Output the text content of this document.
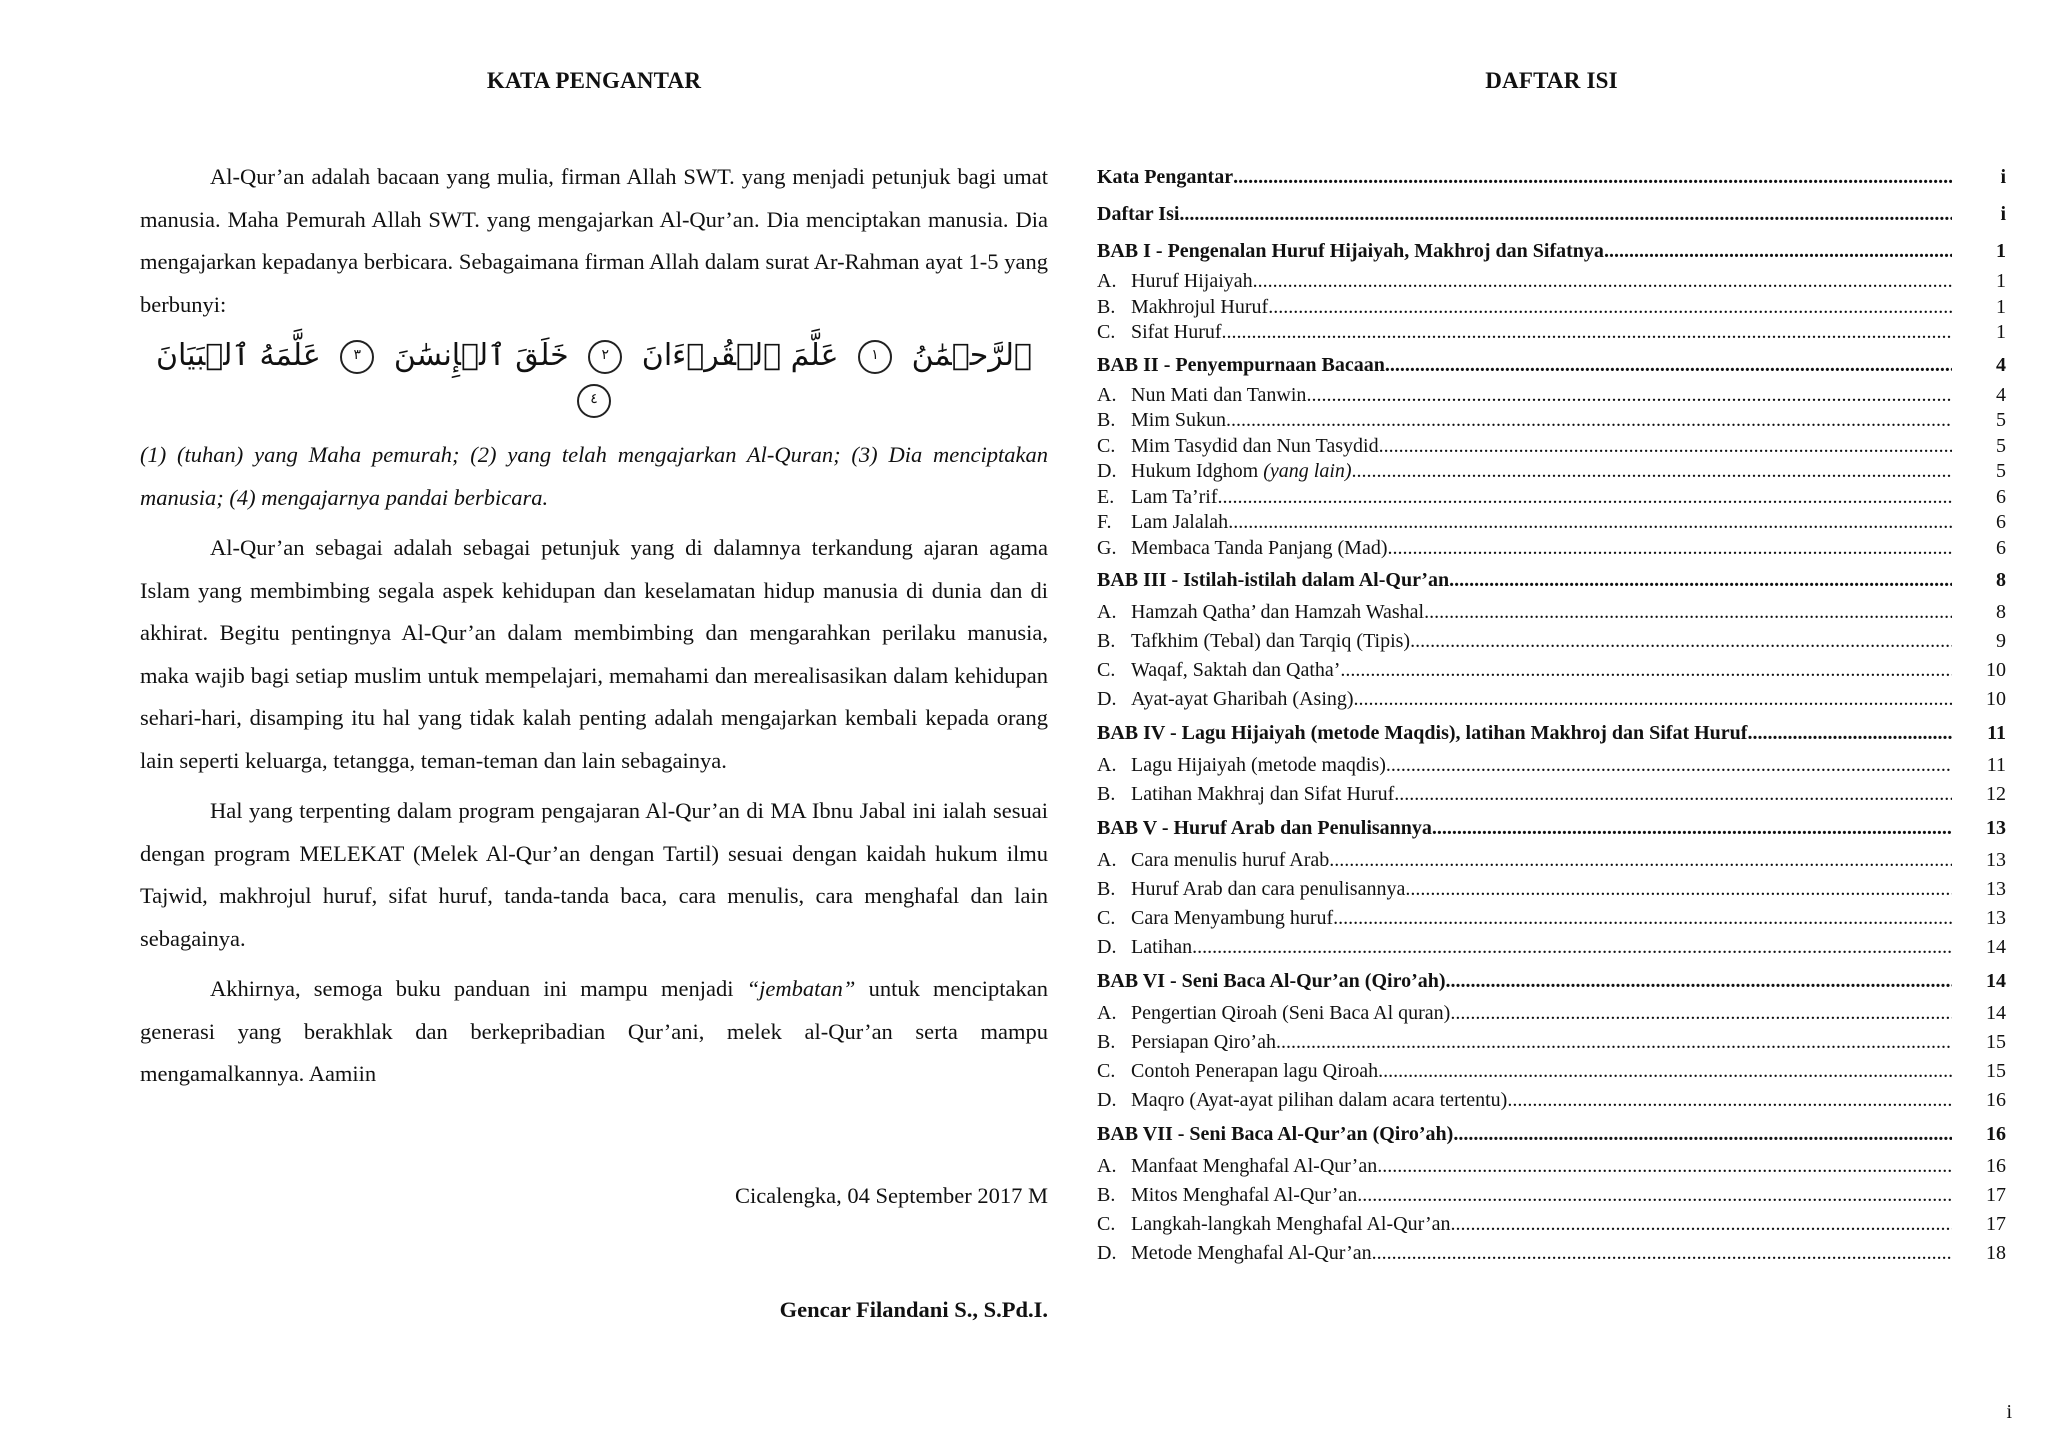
KATA PENGANTAR

Al-Qur’an adalah bacaan yang mulia, firman Allah SWT. yang menjadi petunjuk bagi umat manusia. Maha Pemurah Allah SWT. yang mengajarkan Al-Qur’an. Dia menciptakan manusia. Dia mengajarkan kepadanya berbicara. Sebagaimana firman Allah dalam surat Ar-Rahman ayat 1-5 yang berbunyi:

ٱلرَّحۡمَٰنُ ١ عَلَّمَ ٱلۡقُرۡءَانَ ٢ خَلَقَ ٱلۡإِنسَٰنَ ٣ عَلَّمَهُ ٱلۡبَيَانَ ٤

(1) (tuhan) yang Maha pemurah; (2) yang telah mengajarkan Al-Quran; (3) Dia menciptakan manusia; (4) mengajarnya pandai berbicara.

Al-Qur’an sebagai adalah sebagai petunjuk yang di dalamnya terkandung ajaran agama Islam yang membimbing segala aspek kehidupan dan keselamatan hidup manusia di dunia dan di akhirat. Begitu pentingnya Al-Qur’an dalam membimbing dan mengarahkan perilaku manusia, maka wajib bagi setiap muslim untuk mempelajari, memahami dan merealisasikan dalam kehidupan sehari-hari, disamping itu hal yang tidak kalah penting adalah mengajarkan kembali kepada orang lain seperti keluarga, tetangga, teman-teman dan lain sebagainya.

Hal yang terpenting dalam program pengajaran Al-Qur’an di MA Ibnu Jabal ini ialah sesuai dengan program MELEKAT (Melek Al-Qur’an dengan Tartil) sesuai dengan kaidah hukum ilmu Tajwid, makhrojul huruf, sifat huruf, tanda-tanda baca, cara menulis, cara menghafal dan lain sebagainya.

Akhirnya, semoga buku panduan ini mampu menjadi “jembatan” untuk menciptakan generasi yang berakhlak dan berkepribadian Qur’ani, melek al-Qur’an serta mampu mengamalkannya. Aamiin

Cicalengka, 04 September 2017 M
Gencar Filandani S., S.Pd.I.
DAFTAR ISI
Kata Pengantar .....	i
Daftar Isi .....	i
BAB I - Pengenalan Huruf Hijaiyah, Makhroj dan Sifatnya .....	1
A. Huruf Hijaiyah .....	1
B. Makhrojul Huruf .....	1
C. Sifat Huruf .....	1
BAB II - Penyempurnaan Bacaan .....	4
A. Nun Mati dan Tanwin .....	4
B. Mim Sukun .....	5
C. Mim Tasydid dan Nun Tasydid .....	5
D. Hukum Idghom (yang lain) .....	5
E. Lam Ta’rif .....	6
F. Lam Jalalah .....	6
G. Membaca Tanda Panjang (Mad) .....	6
BAB III - Istilah-istilah dalam Al-Qur’an .....	8
A. Hamzah Qatha’ dan Hamzah Washal .....	8
B. Tafkhim (Tebal) dan Tarqiq (Tipis) .....	9
C. Waqaf, Saktah dan Qatha’ .....	10
D. Ayat-ayat Gharibah (Asing) .....	10
BAB IV - Lagu Hijaiyah (metode Maqdis), latihan Makhroj dan Sifat Huruf .....	11
A. Lagu Hijaiyah (metode maqdis) .....	11
B. Latihan Makhraj dan Sifat Huruf .....	12
BAB V - Huruf Arab dan Penulisannya .....	13
A. Cara menulis huruf Arab .....	13
B. Huruf Arab dan cara penulisannya .....	13
C. Cara Menyambung huruf .....	13
D. Latihan .....	14
BAB VI - Seni Baca Al-Qur’an (Qiro’ah) .....	14
A. Pengertian Qiroah (Seni Baca Al quran) .....	14
B. Persiapan Qiro’ah .....	15
C. Contoh Penerapan lagu Qiroah .....	15
D. Maqro (Ayat-ayat pilihan dalam acara tertentu) .....	16
BAB VII - Seni Baca Al-Qur’an (Qiro’ah) .....	16
A. Manfaat Menghafal Al-Qur’an .....	16
B. Mitos Menghafal Al-Qur’an .....	17
C. Langkah-langkah Menghafal Al-Qur’an .....	17
D. Metode Menghafal Al-Qur’an .....	18
i
